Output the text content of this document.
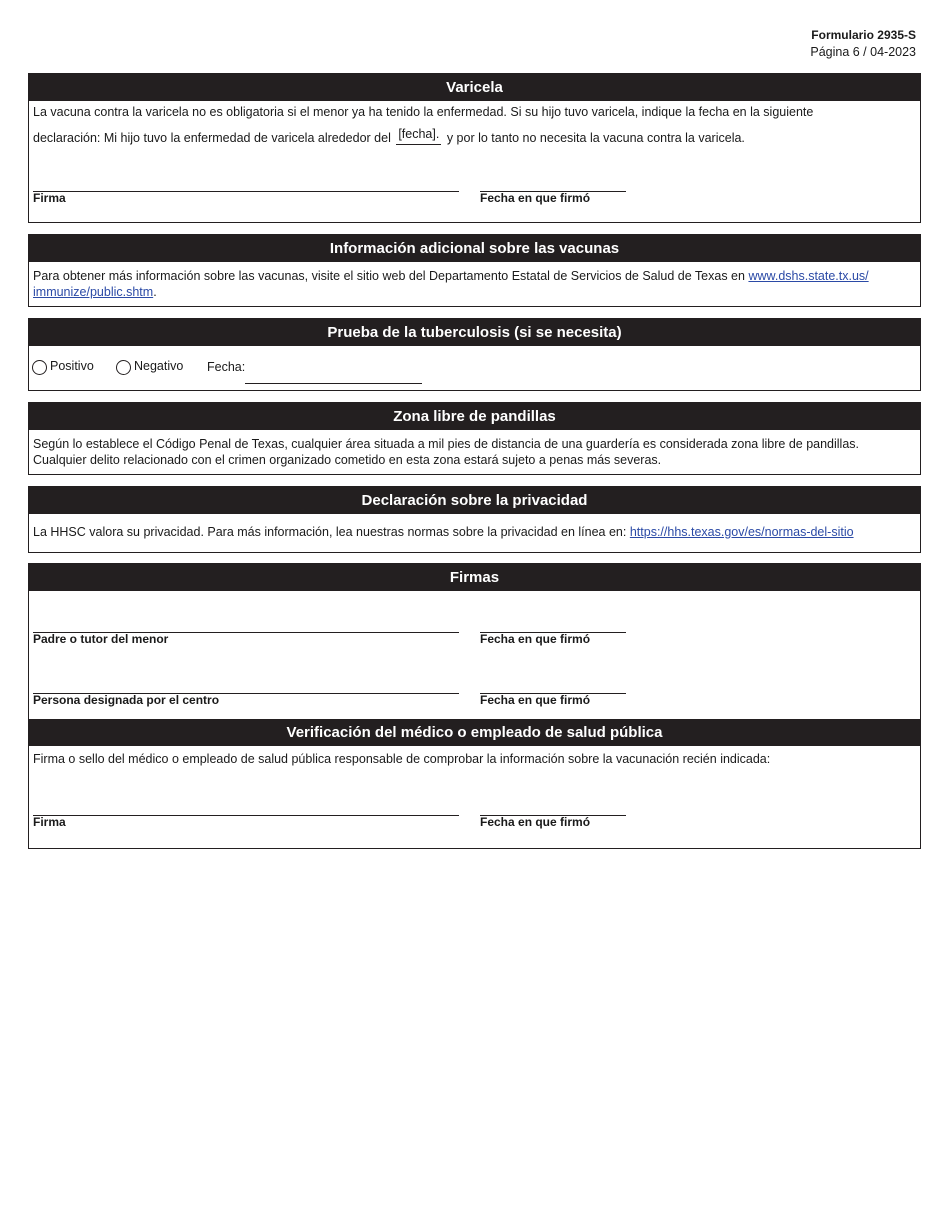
Formulario 2935-S
Página 6 / 04-2023
Varicela
La vacuna contra la varicela no es obligatoria si el menor ya ha tenido la enfermedad. Si su hijo tuvo varicela, indique la fecha en la siguiente
declaración: Mi hijo tuvo la enfermedad de varicela alrededor del [fecha]. y por lo tanto no necesita la vacuna contra la varicela.
Firma	Fecha en que firmó
Información adicional sobre las vacunas
Para obtener más información sobre las vacunas, visite el sitio web del Departamento Estatal de Servicios de Salud de Texas en www.dshs.state.tx.us/
immunize/public.shtm.
Prueba de la tuberculosis (si se necesita)
Positivo	Negativo Fecha:
Zona libre de pandillas
Según lo establece el Código Penal de Texas, cualquier área situada a mil pies de distancia de una guardería es considerada zona libre de pandillas. Cualquier delito relacionado con el crimen organizado cometido en esta zona estará sujeto a penas más severas.
Declaración sobre la privacidad
La HHSC valora su privacidad. Para más información, lea nuestras normas sobre la privacidad en línea en: https://hhs.texas.gov/es/normas-del-sitio
Firmas
Padre o tutor del menor	Fecha en que firmó
Persona designada por el centro	Fecha en que firmó
Verificación del médico o empleado de salud pública
Firma o sello del médico o empleado de salud pública responsable de comprobar la información sobre la vacunación recién indicada:
Firma	Fecha en que firmó
